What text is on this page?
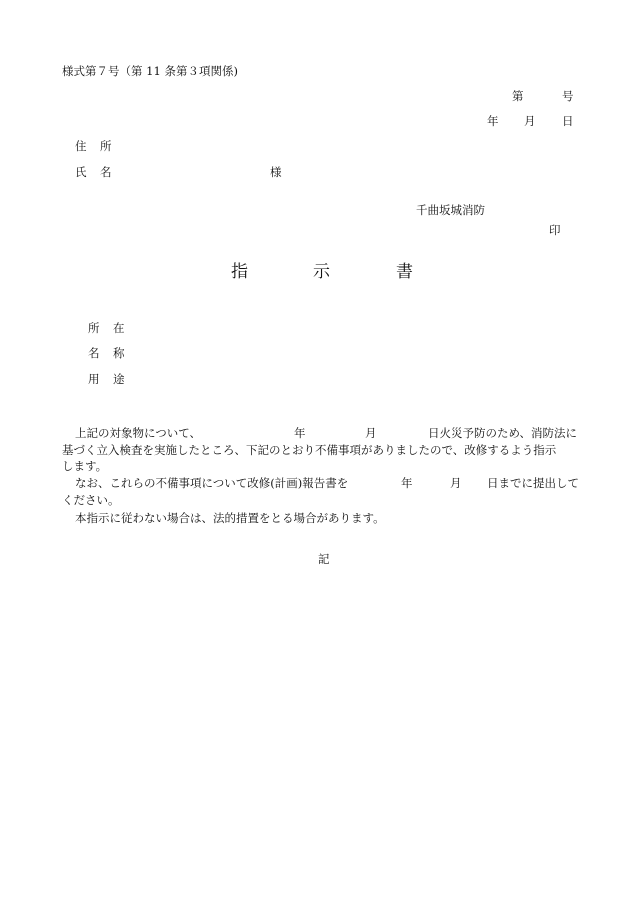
様式第７号（第 11 条第３項関係)
第	号
年 月 日
住 所
氏 名	様
千曲坂城消防
印
指	示	書
所 在
名 称
用 途
上記の対象物について、	年	月	日火災予防のため、消防法に
基づく立入検査を実施したところ、下記のとおり不備事項がありましたので、改修するよう指示
します。
なお、これらの不備事項について改修(計画)報告書を	年	月 日までに提出して
ください。
本指示に従わない場合は、法的措置をとる場合があります。
記
